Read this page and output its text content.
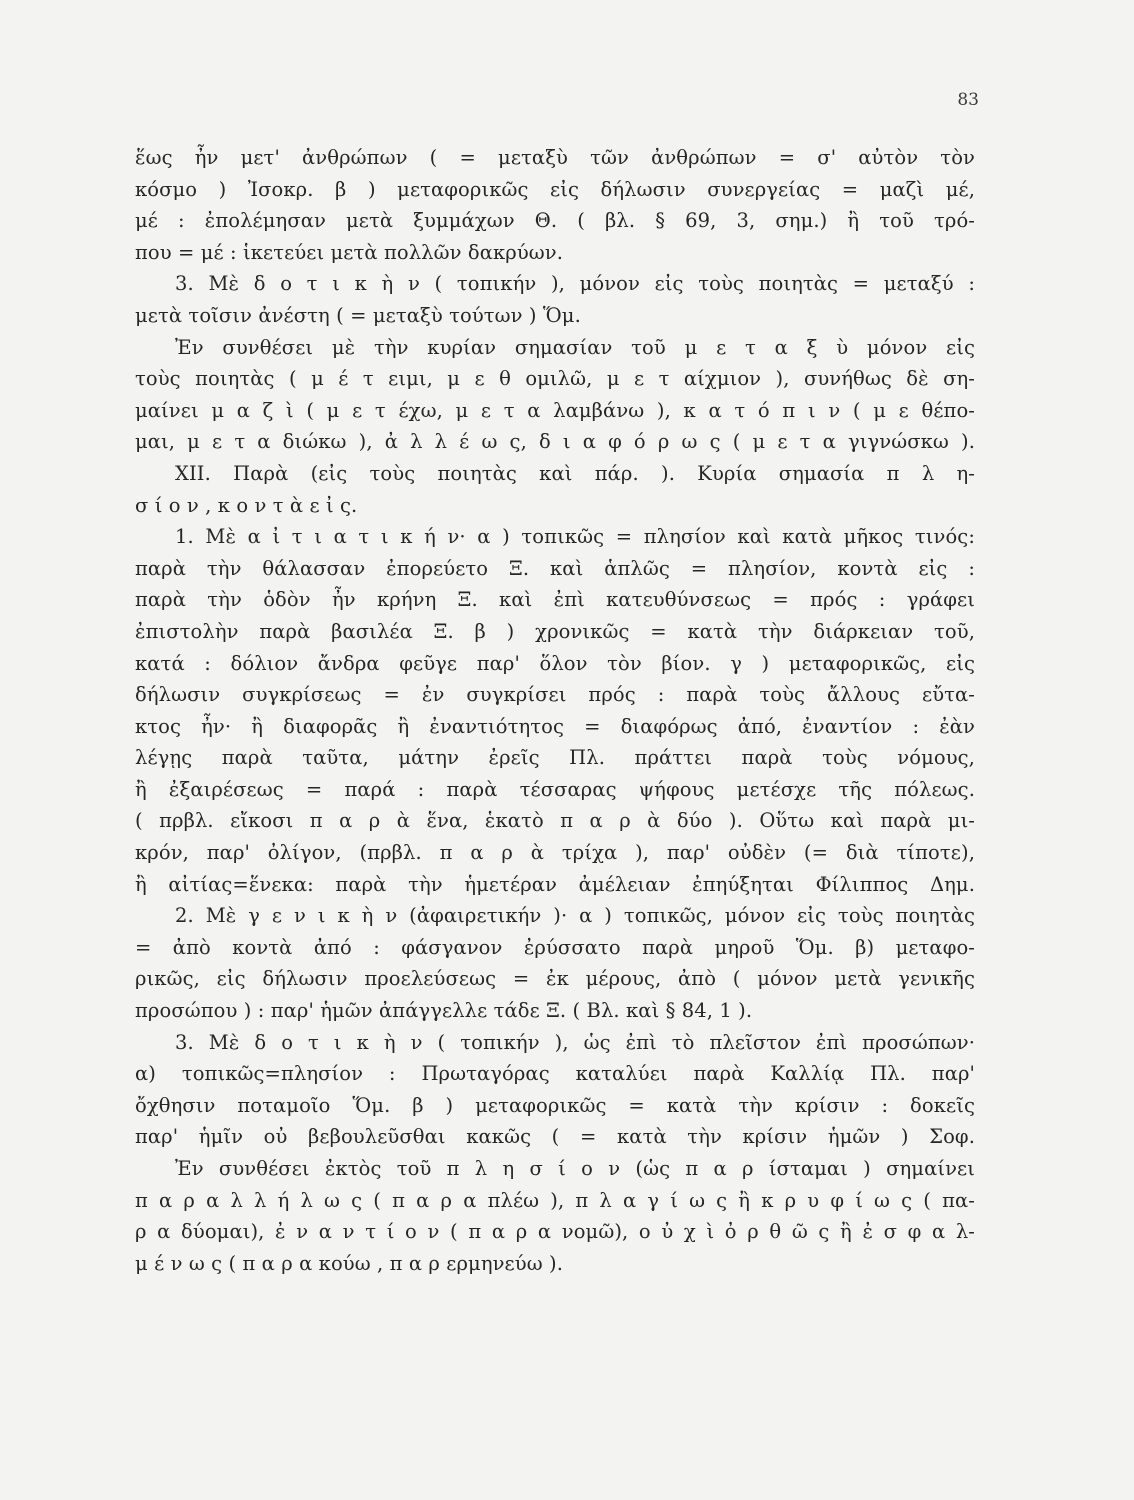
83
ἕως ἦν μετ' ἀνθρώπων ( = μεταξὺ τῶν ἀνθρώπων = σ' αὐτὸν τὸν
κόσμο ) Ἰσοκρ. β ) μεταφορικῶς εἰς δήλωσιν συνεργείας = μαζὶ μέ,
μέ : ἐπολέμησαν μετὰ ξυμμάχων Θ. ( βλ. § 69, 3, σημ.) ἢ τοῦ τρό-
που = μέ : ἱκετεύει μετὰ πολλῶν δακρύων.
3. Μὲ δ ο τ ι κ ὴ ν ( τοπικήν ), μόνον εἰς τοὺς ποιητὰς = μεταξύ :
μετὰ τοῖσιν ἀνέστη ( = μεταξὺ τούτων ) Ὅμ.
Ἐν συνθέσει μὲ τὴν κυρίαν σημασίαν τοῦ μ ε τ α ξ ὺ μόνον εἰς
τοὺς ποιητὰς ( μ έ τ ειμι, μ ε θ ομιλῶ, μ ε τ αίχμιον ), συνήθως δὲ ση-
μαίνει μ α ζ ὶ ( μ ε τ έχω, μ ε τ α λαμβάνω ), κ α τ ό π ι ν ( μ ε θέπο-
μαι, μ ε τ α διώκω ), ἀ λ λ έ ω ς, δ ι α φ ό ρ ω ς ( μ ε τ α γιγνώσκω ).
XII. Παρὰ (εἰς τοὺς ποιητὰς καὶ πάρ. ). Κυρία σημασία π λ η-
σ ί ο ν , κ ο ν τ ὰ ε ἰ ς.
1. Μὲ α ἰ τ ι α τ ι κ ή ν· α ) τοπικῶς = πλησίον καὶ κατὰ μῆκος τινός:
παρὰ τὴν θάλασσαν ἐπορεύετο Ξ. καὶ ἁπλῶς = πλησίον, κοντὰ εἰς :
παρὰ τὴν ὁδὸν ἦν κρήνη Ξ. καὶ ἐπὶ κατευθύνσεως = πρός : γράφει
ἐπιστολὴν παρὰ βασιλέα Ξ. β ) χρονικῶς = κατὰ τὴν διάρκειαν τοῦ,
κατά : δόλιον ἄνδρα φεῦγε παρ' ὅλον τὸν βίον. γ ) μεταφορικῶς, εἰς
δήλωσιν συγκρίσεως = ἐν συγκρίσει πρός : παρὰ τοὺς ἄλλους εὔτα-
κτος ἦν· ἢ διαφορᾶς ἢ ἐναντιότητος = διαφόρως ἀπό, ἐναντίον : ἐὰν
λέγῃς παρὰ ταῦτα, μάτην ἐρεῖς Πλ. πράττει παρὰ τοὺς νόμους,
ἢ ἐξαιρέσεως = παρά : παρὰ τέσσαρας ψήφους μετέσχε τῆς πόλεως.
( πρβλ. εἴκοσι π α ρ ὰ ἕνα, ἑκατὸ π α ρ ὰ δύο ). Οὕτω καὶ παρὰ μι-
κρόν, παρ' ὀλίγον, (πρβλ. π α ρ ὰ τρίχα ), παρ' οὐδὲν (= διὰ τίποτε),
ἢ αἰτίας=ἕνεκα: παρὰ τὴν ἡμετέραν ἀμέλειαν ἐπηύξηται Φίλιππος Δημ.
2. Μὲ γ ε ν ι κ ὴ ν (ἀφαιρετικήν )· α ) τοπικῶς, μόνον εἰς τοὺς ποιητὰς
= ἀπὸ κοντὰ ἀπό : φάσγανον ἐρύσσατο παρὰ μηροῦ Ὅμ. β) μεταφο-
ρικῶς, εἰς δήλωσιν προελεύσεως = ἐκ μέρους, ἀπὸ ( μόνον μετὰ γενικῆς
προσώπου ) : παρ' ἡμῶν ἀπάγγελλε τάδε Ξ. ( Βλ. καὶ § 84, 1 ).
3. Μὲ δ ο τ ι κ ὴ ν ( τοπικήν ), ὡς ἐπὶ τὸ πλεῖστον ἐπὶ προσώπων·
α) τοπικῶς=πλησίον : Πρωταγόρας καταλύει παρὰ Καλλίᾳ Πλ. παρ'
ὄχθησιν ποταμοῖο Ὅμ. β ) μεταφορικῶς = κατὰ τὴν κρίσιν : δοκεῖς
παρ' ἡμῖν οὐ βεβουλεῦσθαι κακῶς ( = κατὰ τὴν κρίσιν ἡμῶν ) Σοφ.
Ἐν συνθέσει ἐκτὸς τοῦ π λ η σ ί ο ν (ὡς π α ρ ίσταμαι ) σημαίνει
π α ρ α λ λ ή λ ω ς ( π α ρ α πλέω ), π λ α γ ί ω ς ἢ κ ρ υ φ ί ω ς ( πα-
ρ α δύομαι), ἐ ν α ν τ ί ο ν ( π α ρ α νομῶ), ο ὐ χ ὶ ὀ ρ θ ῶ ς ἢ ἐ σ φ α λ-
μ έ ν ω ς ( π α ρ α κούω , π α ρ ερμηνεύω ).
